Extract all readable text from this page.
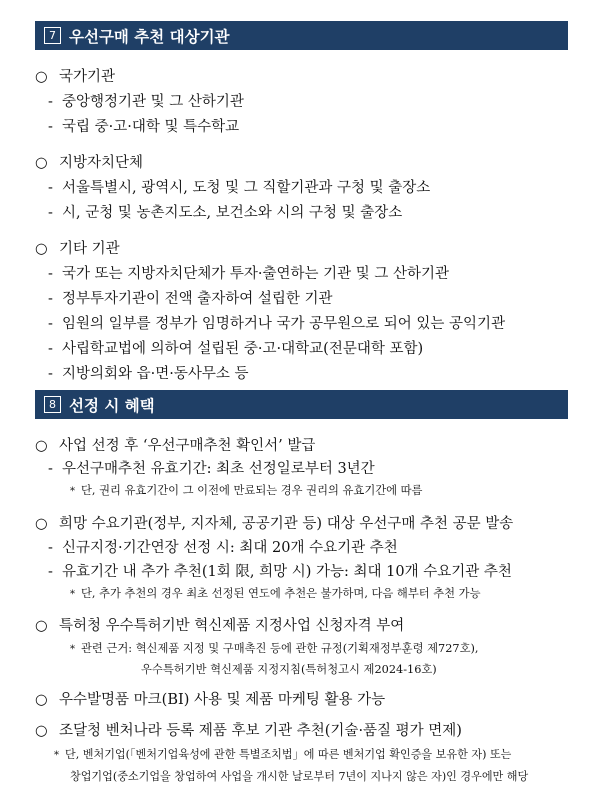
7 우선구매 추천 대상기관
○ 국가기관
- 중앙행정기관 및 그 산하기관
- 국립 중·고·대학 및 특수학교
○ 지방자치단체
- 서울특별시, 광역시, 도청 및 그 직할기관과 구청 및 출장소
- 시, 군청 및 농촌지도소, 보건소와 시의 구청 및 출장소
○ 기타 기관
- 국가 또는 지방자치단체가 투자·출연하는 기관 및 그 산하기관
- 정부투자기관이 전액 출자하여 설립한 기관
- 임원의 일부를 정부가 임명하거나 국가 공무원으로 되어 있는 공익기관
- 사립학교법에 의하여 설립된 중·고·대학교(전문대학 포함)
- 지방의회와 읍·면·동사무소 등
8 선정 시 혜택
○ 사업 선정 후 ‘우선구매추천 확인서’ 발급
- 우선구매추천 유효기간: 최초 선정일로부터 3년간
* 단, 권리 유효기간이 그 이전에 만료되는 경우 권리의 유효기간에 따름
○ 희망 수요기관(정부, 지자체, 공공기관 등) 대상 우선구매 추천 공문 발송
- 신규지정·기간연장 선정 시: 최대 20개 수요기관 추천
- 유효기간 내 추가 추천(1회 限, 희망 시) 가능: 최대 10개 수요기관 추천
* 단, 추가 추천의 경우 최초 선정된 연도에 추천은 불가하며, 다음 해부터 추천 가능
○ 특허청 우수특허기반 혁신제품 지정사업 신청자격 부여
* 관련 근거: 혁신제품 지정 및 구매촉진 등에 관한 규정(기획재정부훈령 제727호),
우수특허기반 혁신제품 지정지침(특허청고시 제2024-16호)
○ 우수발명품 마크(BI) 사용 및 제품 마케팅 활용 가능
○ 조달청 벤처나라 등록 제품 후보 기관 추천(기술·품질 평가 면제)
* 단, 벤처기업(「벤처기업육성에 관한 특별조치법」에 따른 벤처기업 확인증을 보유한 자) 또는
창업기업(중소기업을 창업하여 사업을 개시한 날로부터 7년이 지나지 않은 자)인 경우에만 해당
